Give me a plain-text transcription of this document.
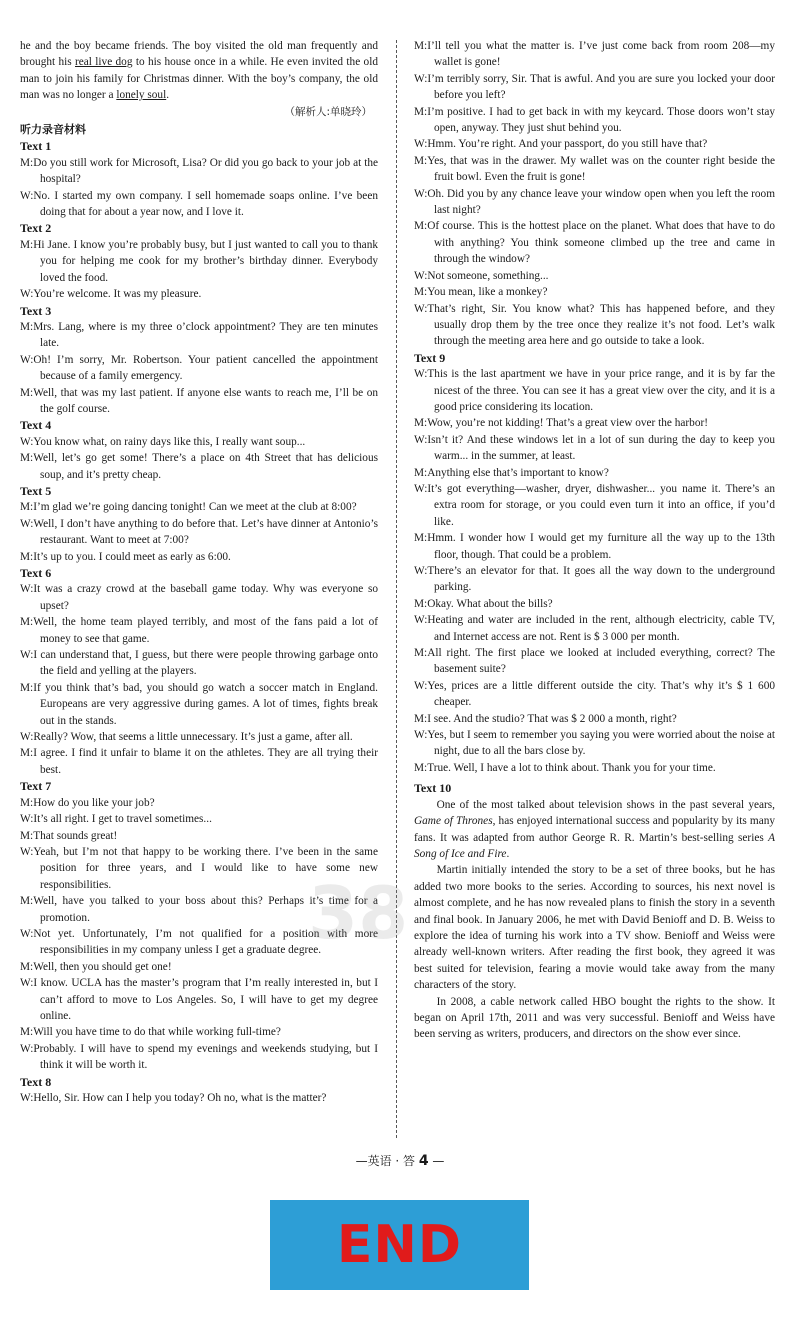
he and the boy became friends. The boy visited the old man frequently and brought his real live dog to his house once in a while. He even invited the old man to join his family for Christmas dinner. With the boy’s company, the old man was no longer a lonely soul.

（解析人:单晓玲）

听力录音材料

Text 1

M:Do you still work for Microsoft, Lisa? Or did you go back to your job at the hospital?

W:No. I started my own company. I sell homemade soaps online. I’ve been doing that for about a year now, and I love it.

Text 2

M:Hi Jane. I know you’re probably busy, but I just wanted to call you to thank you for helping me cook for my brother’s birthday dinner. Everybody loved the food.

W:You’re welcome. It was my pleasure.

Text 3

M:Mrs. Lang, where is my three o’clock appointment? They are ten minutes late.

W:Oh! I’m sorry, Mr. Robertson. Your patient cancelled the appointment because of a family emergency.

M:Well, that was my last patient. If anyone else wants to reach me, I’ll be on the golf course.

Text 4

W:You know what, on rainy days like this, I really want soup...

M:Well, let’s go get some! There’s a place on 4th Street that has delicious soup, and it’s pretty cheap.

Text 5

M:I’m glad we’re going dancing tonight! Can we meet at the club at 8:00?

W:Well, I don’t have anything to do before that. Let’s have dinner at Antonio’s restaurant. Want to meet at 7:00?

M:It’s up to you. I could meet as early as 6:00.

Text 6

W:It was a crazy crowd at the baseball game today. Why was everyone so upset?

M:Well, the home team played terribly, and most of the fans paid a lot of money to see that game.

W:I can understand that, I guess, but there were people throwing garbage onto the field and yelling at the players.

M:If you think that’s bad, you should go watch a soccer match in England. Europeans are very aggressive during games. A lot of times, fights break out in the stands.

W:Really? Wow, that seems a little unnecessary. It’s just a game, after all.

M:I agree. I find it unfair to blame it on the athletes. They are all trying their best.

Text 7

M:How do you like your job?

W:It’s all right. I get to travel sometimes...

M:That sounds great!

W:Yeah, but I’m not that happy to be working there. I’ve been in the same position for three years, and I would like to have some new responsibilities.

M:Well, have you talked to your boss about this? Perhaps it’s time for a promotion.

W:Not yet. Unfortunately, I’m not qualified for a position with more responsibilities in my company unless I get a graduate degree.

M:Well, then you should get one!

W:I know. UCLA has the master’s program that I’m really interested in, but I can’t afford to move to Los Angeles. So, I will have to get my degree online.

M:Will you have time to do that while working full-time?

W:Probably. I will have to spend my evenings and weekends studying, but I think it will be worth it.

Text 8

W:Hello, Sir. How can I help you today? Oh no, what is the matter?

M:I’ll tell you what the matter is. I’ve just come back from room 208—my wallet is gone!

W:I’m terribly sorry, Sir. That is awful. And you are sure you locked your door before you left?

M:I’m positive. I had to get back in with my keycard. Those doors won’t stay open, anyway. They just shut behind you.

W:Hmm. You’re right. And your passport, do you still have that?

M:Yes, that was in the drawer. My wallet was on the counter right beside the fruit bowl. Even the fruit is gone!

W:Oh. Did you by any chance leave your window open when you left the room last night?

M:Of course. This is the hottest place on the planet. What does that have to do with anything? You think someone climbed up the tree and came in through the window?

W:Not someone, something...

M:You mean, like a monkey?

W:That’s right, Sir. You know what? This has happened before, and they usually drop them by the tree once they realize it’s not food. Let’s walk through the meeting area here and go outside to take a look.

Text 9

W:This is the last apartment we have in your price range, and it is by far the nicest of the three. You can see it has a great view over the city, and it is a good price considering its location.

M:Wow, you’re not kidding! That’s a great view over the harbor!

W:Isn’t it? And these windows let in a lot of sun during the day to keep you warm... in the summer, at least.

M:Anything else that’s important to know?

W:It’s got everything—washer, dryer, dishwasher... you name it. There’s an extra room for storage, or you could even turn it into an office, if you’d like.

M:Hmm. I wonder how I would get my furniture all the way up to the 13th floor, though. That could be a problem.

W:There’s an elevator for that. It goes all the way down to the underground parking.

M:Okay. What about the bills?

W:Heating and water are included in the rent, although electricity, cable TV, and Internet access are not. Rent is $ 3 000 per month.

M:All right. The first place we looked at included everything, correct? The basement suite?

W:Yes, prices are a little different outside the city. That’s why it’s $ 1 600 cheaper.

M:I see. And the studio? That was $ 2 000 a month, right?

W:Yes, but I seem to remember you saying you were worried about the noise at night, due to all the bars close by.

M:True. Well, I have a lot to think about. Thank you for your time.

Text 10

One of the most talked about television shows in the past several years, Game of Thrones, has enjoyed international success and popularity by its many fans. It was adapted from author George R. R. Martin’s best-selling series A Song of Ice and Fire.

Martin initially intended the story to be a set of three books, but he has added two more books to the series. According to sources, his next novel is almost complete, and he has now revealed plans to finish the story in a seventh and final book. In January 2006, he met with David Benioff and D. B. Weiss to explore the idea of turning his work into a TV show. Benioff and Weiss were already well-known writers. After reading the first book, they agreed it was best suited for television, fearing a movie would take away from the many characters of the story.

In 2008, a cable network called HBO bought the rights to the show. It began on April 17th, 2011 and was very successful. Benioff and Weiss have been serving as writers, producers, and directors on the show ever since.

38
—英语 · 答 4 —
END
